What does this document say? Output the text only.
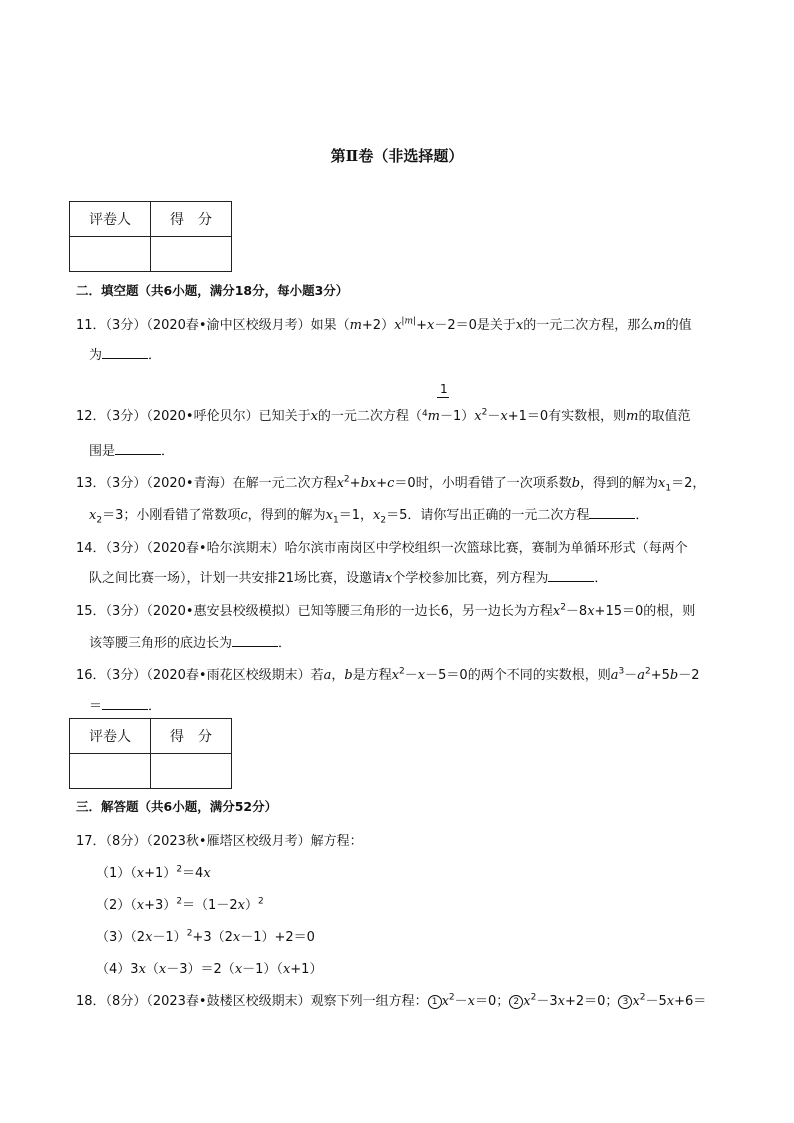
第Ⅱ卷（非选择题）
评卷人	得　分

二．填空题（共6小题，满分18分，每小题3分）
11．（3分）（2020春•渝中区校级月考）如果$(m+2)x^{|m|}+x-2=0$是关于x的一元二次方程，那么m的值
为	．
1
12．（3分）（2020•呼伦贝尔）已知关于x的一元二次方程$(^4m-1)x^2-x+1=0$有实数根，则m的取值范
围是	．
13．（3分）（2020•青海）在解一元二次方程$x^2+bx+c=0$时，小明看错了一次项系数b，得到的解为$x_1=2$，
$x_2=3$；小刚看错了常数项c，得到的解为$x_1=1$，$x_2=5$．请你写出正确的一元二次方程	．
14．（3分）（2020春•哈尔滨期末）哈尔滨市南岗区中学校组织一次篮球比赛，赛制为单循环形式（每两个
队之间比赛一场），计划一共安排21场比赛，设邀请x个学校参加比赛，列方程为	．
15．（3分）（2020•惠安县校级模拟）已知等腰三角形的一边长6，另一边长为方程$x^2-8x+15=0$的根，则
该等腰三角形的底边长为	．
16．（3分）（2020春•雨花区校级期末）若a，b是方程$x^2-x-5=0$的两个不同的实数根，则$a^3-a^2+5b-2$
＝	．
评卷人	得　分

三．解答题（共6小题，满分52分）
17．（8分）（2023秋•雁塔区校级月考）解方程：
$(1)(x+1)^2=4x$
$(2)(x+3)^2=(1-2x)^2$
$(3)(2x-1)^2+3(2x-1)+2=0$
（4）3x（x－3）＝2（x－1）（x+1）
18．（8分）（2023春•鼓楼区校级期末）观察下列一组方程： 1 $x^2-x=0$； 2 $x^2-3x+2=0$； 3 $x^2-5x+6=$
